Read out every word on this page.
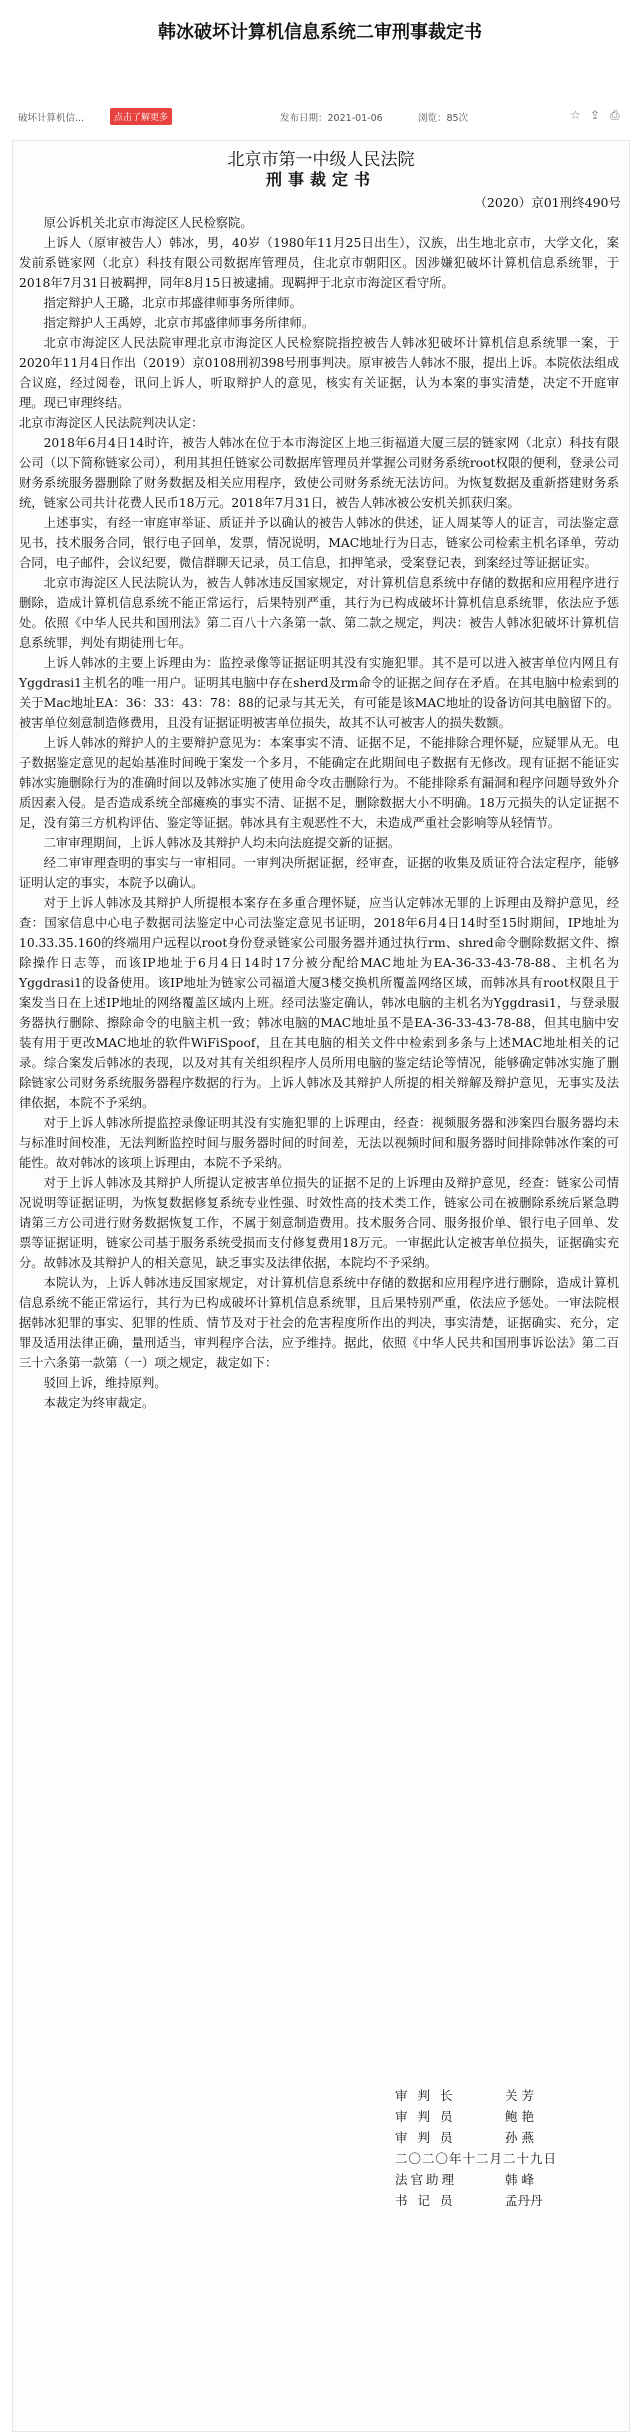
韩冰破坏计算机信息系统二审刑事裁定书
破坏计算机信...	点击了解更多	发布日期：2021-01-06	浏览：85次	☆ ⇪ ⎙
北京市第一中级人民法院
刑事裁定书
（2020）京01刑终490号

原公诉机关北京市海淀区人民检察院。

上诉人（原审被告人）韩冰，男，40岁（1980年11月25日出生），汉族，出生地北京市，大学文化，案发前系链家网（北京）科技有限公司数据库管理员，住北京市朝阳区。因涉嫌犯破坏计算机信息系统罪，于2018年7月31日被羁押，同年8月15日被逮捕。现羁押于北京市海淀区看守所。

指定辩护人王璐，北京市邦盛律师事务所律师。

指定辩护人王禹婷，北京市邦盛律师事务所律师。

北京市海淀区人民法院审理北京市海淀区人民检察院指控被告人韩冰犯破坏计算机信息系统罪一案，于2020年11月4日作出（2019）京0108刑初398号刑事判决。原审被告人韩冰不服，提出上诉。本院依法组成合议庭，经过阅卷，讯问上诉人，听取辩护人的意见，核实有关证据，认为本案的事实清楚，决定不开庭审理。现已审理终结。

北京市海淀区人民法院判决认定：

2018年6月4日14时许，被告人韩冰在位于本市海淀区上地三街福道大厦三层的链家网（北京）科技有限公司（以下简称链家公司），利用其担任链家公司数据库管理员并掌握公司财务系统root权限的便利，登录公司财务系统服务器删除了财务数据及相关应用程序，致使公司财务系统无法访问。为恢复数据及重新搭建财务系统，链家公司共计花费人民币18万元。2018年7月31日，被告人韩冰被公安机关抓获归案。

上述事实，有经一审庭审举证、质证并予以确认的被告人韩冰的供述，证人周某等人的证言，司法鉴定意见书，技术服务合同，银行电子回单，发票，情况说明，MAC地址行为日志，链家公司检索主机名译单，劳动合同，电子邮件，会议纪要，微信群聊天记录，员工信息，扣押笔录，受案登记表，到案经过等证据证实。

北京市海淀区人民法院认为，被告人韩冰违反国家规定，对计算机信息系统中存储的数据和应用程序进行删除，造成计算机信息系统不能正常运行，后果特别严重，其行为已构成破坏计算机信息系统罪，依法应予惩处。依照《中华人民共和国刑法》第二百八十六条第一款、第二款之规定，判决：被告人韩冰犯破坏计算机信息系统罪，判处有期徒刑七年。

上诉人韩冰的主要上诉理由为：监控录像等证据证明其没有实施犯罪。其不是可以进入被害单位内网且有Yggdrasi1主机名的唯一用户。证明其电脑中存在sherd及rm命令的证据之间存在矛盾。在其电脑中检索到的关于Mac地址EA：36：33：43：78：88的记录与其无关，有可能是该MAC地址的设备访问其电脑留下的。被害单位刻意制造修费用，且没有证据证明被害单位损失，故其不认可被害人的损失数额。

上诉人韩冰的辩护人的主要辩护意见为：本案事实不清、证据不足，不能排除合理怀疑，应疑罪从无。电子数据鉴定意见的起始基准时间晚于案发一个多月，不能确定在此期间电子数据有无修改。现有证据不能证实韩冰实施删除行为的准确时间以及韩冰实施了使用命令攻击删除行为。不能排除系有漏洞和程序问题导致外介质因素入侵。是否造成系统全部瘫痪的事实不清、证据不足，删除数据大小不明确。18万元损失的认定证据不足，没有第三方机构评估、鉴定等证据。韩冰具有主观恶性不大，未造成严重社会影响等从轻情节。

二审审理期间，上诉人韩冰及其辩护人均未向法庭提交新的证据。

经二审审理查明的事实与一审相同。一审判决所据证据，经审查，证据的收集及质证符合法定程序，能够证明认定的事实，本院予以确认。

对于上诉人韩冰及其辩护人所提根本案存在多重合理怀疑，应当认定韩冰无罪的上诉理由及辩护意见，经查：国家信息中心电子数据司法鉴定中心司法鉴定意见书证明，2018年6月4日14时至15时期间，IP地址为10.33.35.160的终端用户远程以root身份登录链家公司服务器并通过执行rm、shred命令删除数据文件、擦除操作日志等，而该IP地址于6月4日14时17分被分配给MAC地址为EA-36-33-43-78-88、主机名为Yggdrasi1的设备使用。该IP地址为链家公司福道大厦3楼交换机所覆盖网络区域，而韩冰具有root权限且于案发当日在上述IP地址的网络覆盖区域内上班。经司法鉴定确认，韩冰电脑的主机名为Yggdrasi1，与登录服务器执行删除、擦除命令的电脑主机一致；韩冰电脑的MAC地址虽不是EA-36-33-43-78-88，但其电脑中安装有用于更改MAC地址的软件WiFiSpoof，且在其电脑的相关文件中检索到多条与上述MAC地址相关的记录。综合案发后韩冰的表现，以及对其有关组织程序人员所用电脑的鉴定结论等情况，能够确定韩冰实施了删除链家公司财务系统服务器程序数据的行为。上诉人韩冰及其辩护人所提的相关辩解及辩护意见，无事实及法律依据，本院不予采纳。

对于上诉人韩冰所提监控录像证明其没有实施犯罪的上诉理由，经查：视频服务器和涉案四台服务器均未与标准时间校准，无法判断监控时间与服务器时间的时间差，无法以视频时间和服务器时间排除韩冰作案的可能性。故对韩冰的该项上诉理由，本院不予采纳。

对于上诉人韩冰及其辩护人所提认定被害单位损失的证据不足的上诉理由及辩护意见，经查：链家公司情况说明等证据证明，为恢复数据修复系统专业性强、时效性高的技术类工作，链家公司在被删除系统后紧急聘请第三方公司进行财务数据恢复工作，不属于刻意制造费用。技术服务合同、服务报价单、银行电子回单、发票等证据证明，链家公司基于服务系统受损而支付修复费用18万元。一审据此认定被害单位损失，证据确实充分。故韩冰及其辩护人的相关意见，缺乏事实及法律依据，本院均不予采纳。

本院认为，上诉人韩冰违反国家规定，对计算机信息系统中存储的数据和应用程序进行删除，造成计算机信息系统不能正常运行，其行为已构成破坏计算机信息系统罪，且后果特别严重，依法应予惩处。一审法院根据韩冰犯罪的事实、犯罪的性质、情节及对于社会的危害程度所作出的判决，事实清楚，证据确实、充分，定罪及适用法律正确，量刑适当，审判程序合法，应予维持。据此，依照《中华人民共和国刑事诉讼法》第二百三十六条第一款第（一）项之规定，裁定如下：

驳回上诉，维持原判。

本裁定为终审裁定。

审 判 长	关 芳
审 判 员	鲍 艳
审 判 员	孙 燕
二〇二〇年十二月二十九日
法官助理	韩 峰
书 记 员	孟丹丹
